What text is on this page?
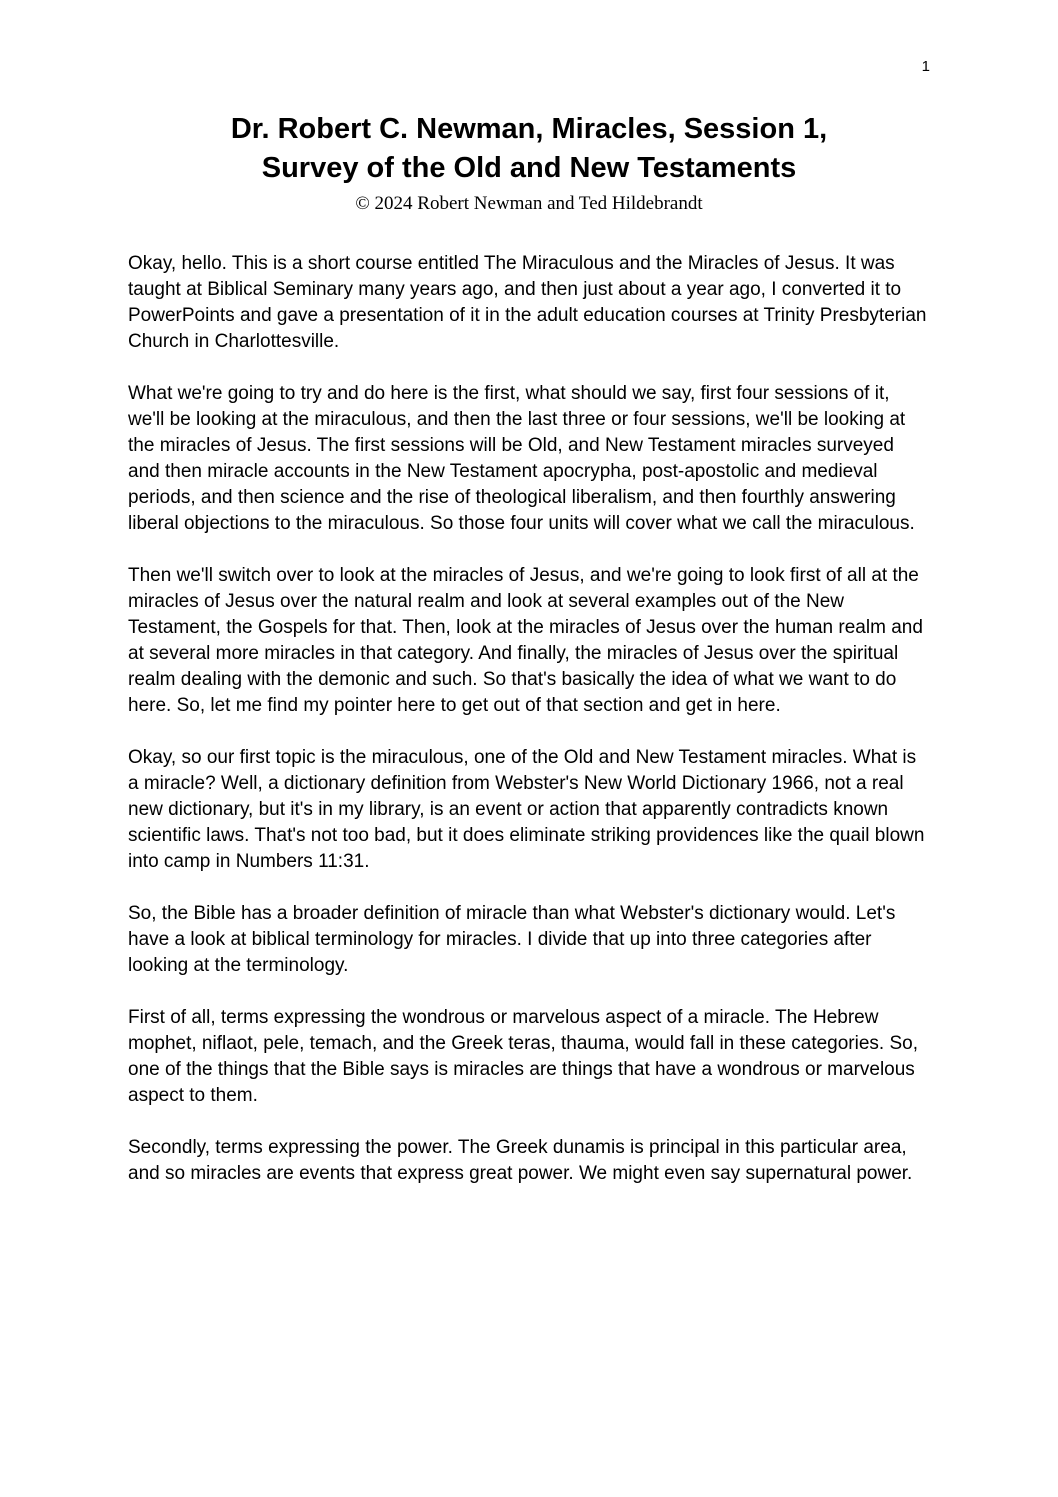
1
Dr. Robert C. Newman, Miracles, Session 1,
Survey of the Old and New Testaments
© 2024 Robert Newman and Ted Hildebrandt

Okay, hello. This is a short course entitled The Miraculous and the Miracles of Jesus. It was taught at Biblical Seminary many years ago, and then just about a year ago, I converted it to PowerPoints and gave a presentation of it in the adult education courses at Trinity Presbyterian Church in Charlottesville.

What we're going to try and do here is the first, what should we say, first four sessions of it, we'll be looking at the miraculous, and then the last three or four sessions, we'll be looking at the miracles of Jesus. The first sessions will be Old, and New Testament miracles surveyed and then miracle accounts in the New Testament apocrypha, post-apostolic and medieval periods, and then science and the rise of theological liberalism, and then fourthly answering liberal objections to the miraculous. So those four units will cover what we call the miraculous.

Then we'll switch over to look at the miracles of Jesus, and we're going to look first of all at the miracles of Jesus over the natural realm and look at several examples out of the New Testament, the Gospels for that. Then, look at the miracles of Jesus over the human realm and at several more miracles in that category. And finally, the miracles of Jesus over the spiritual realm dealing with the demonic and such. So that's basically the idea of what we want to do here. So, let me find my pointer here to get out of that section and get in here.

Okay, so our first topic is the miraculous, one of the Old and New Testament miracles. What is a miracle? Well, a dictionary definition from Webster's New World Dictionary 1966, not a real new dictionary, but it's in my library, is an event or action that apparently contradicts known scientific laws. That's not too bad, but it does eliminate striking providences like the quail blown into camp in Numbers 11:31.

So, the Bible has a broader definition of miracle than what Webster's dictionary would. Let's have a look at biblical terminology for miracles. I divide that up into three categories after looking at the terminology.

First of all, terms expressing the wondrous or marvelous aspect of a miracle. The Hebrew mophet, niflaot, pele, temach, and the Greek teras, thauma, would fall in these categories. So, one of the things that the Bible says is miracles are things that have a wondrous or marvelous aspect to them.

Secondly, terms expressing the power. The Greek dunamis is principal in this particular area, and so miracles are events that express great power. We might even say supernatural power.
